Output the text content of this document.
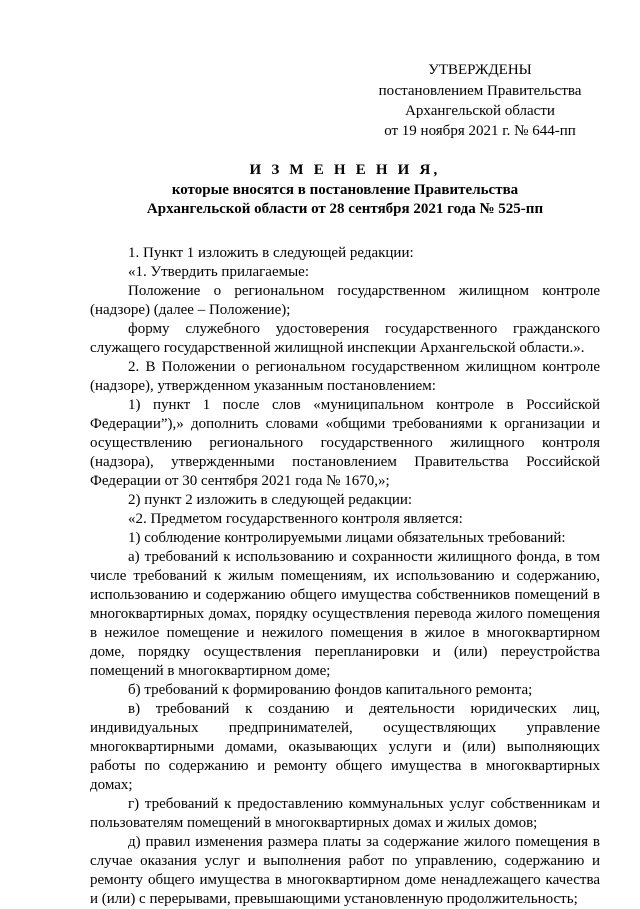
УТВЕРЖДЕНЫ
постановлением Правительства
Архангельской области
от 19 ноября 2021 г. № 644-пп
И З М Е Н Е Н И Я,
которые вносятся в постановление Правительства
Архангельской области от 28 сентября 2021 года № 525-пп

1. Пункт 1 изложить в следующей редакции:

«1. Утвердить прилагаемые:

Положение о региональном государственном жилищном контроле (надзоре) (далее – Положение);

форму служебного удостоверения государственного гражданского служащего государственной жилищной инспекции Архангельской области.».

2. В Положении о региональном государственном жилищном контроле (надзоре), утвержденном указанным постановлением:

1) пункт 1 после слов «муниципальном контроле в Российской Федерации”),» дополнить словами «общими требованиями к организации и осуществлению регионального государственного жилищного контроля (надзора), утвержденными постановлением Правительства Российской Федерации от 30 сентября 2021 года № 1670,»;

2) пункт 2 изложить в следующей редакции:

«2. Предметом государственного контроля является:

1) соблюдение контролируемыми лицами обязательных требований:

а) требований к использованию и сохранности жилищного фонда, в том числе требований к жилым помещениям, их использованию и содержанию, использованию и содержанию общего имущества собственников помещений в многоквартирных домах, порядку осуществления перевода жилого помещения в нежилое помещение и нежилого помещения в жилое в многоквартирном доме, порядку осуществления перепланировки и (или) переустройства помещений в многоквартирном доме;

б) требований к формированию фондов капитального ремонта;

в) требований к созданию и деятельности юридических лиц, индивидуальных предпринимателей, осуществляющих управление многоквартирными домами, оказывающих услуги и (или) выполняющих работы по содержанию и ремонту общего имущества в многоквартирных домах;

г) требований к предоставлению коммунальных услуг собственникам и пользователям помещений в многоквартирных домах и жилых домов;

д) правил изменения размера платы за содержание жилого помещения в случае оказания услуг и выполнения работ по управлению, содержанию и ремонту общего имущества в многоквартирном доме ненадлежащего качества и (или) с перерывами, превышающими установленную продолжительность;
